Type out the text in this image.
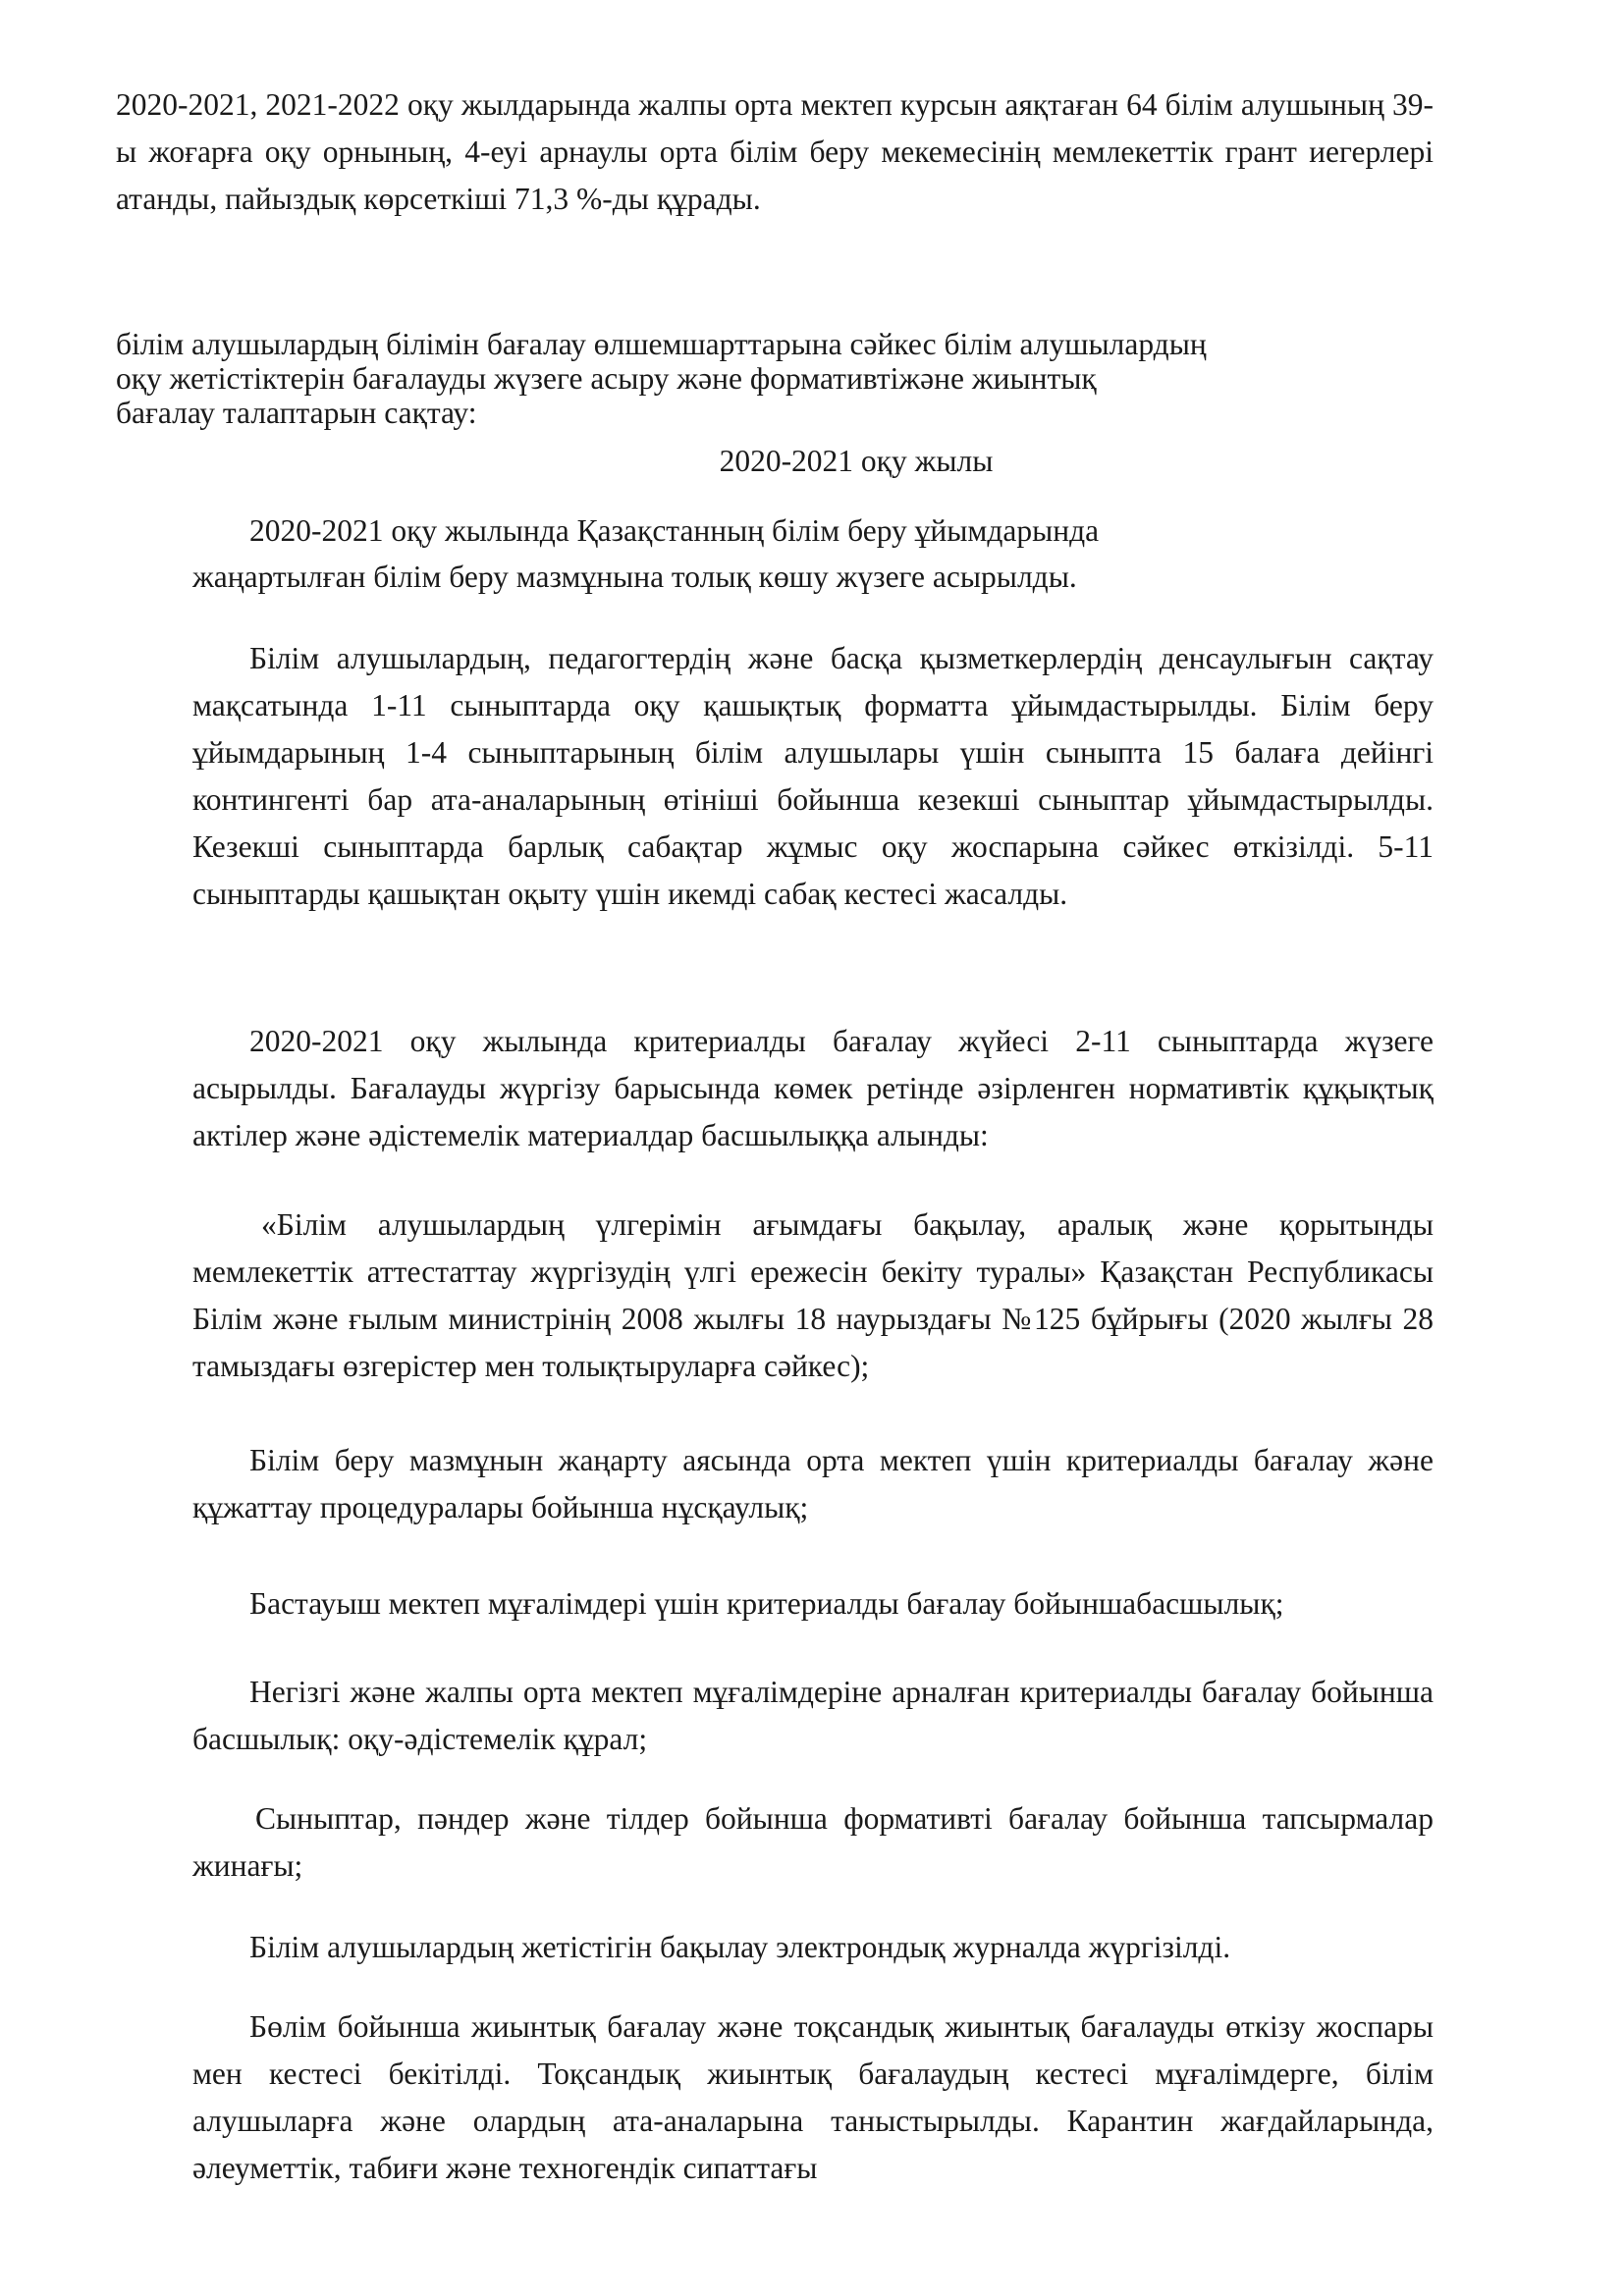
2020-2021, 2021-2022 оқу жылдарында жалпы орта мектеп курсын аяқтаған 64 білім алушының 39-ы жоғарға оқу орнының, 4-еуі арнаулы орта білім беру мекемесінің мемлекеттік грант иегерлері атанды, пайыздық көрсеткіші 71,3 %-ды құрады.

білім алушылардың білімін бағалау өлшемшарттарына сәйкес білім алушылардың

оқу жетістіктерін бағалауды жүзеге асыру және формативтіжәне жиынтық

бағалау талаптарын сақтау:

2020-2021 оқу жылы

2020-2021 оқу жылында Қазақстанның білім беру ұйымдарында

жаңартылған білім беру мазмұнына толық көшу жүзеге асырылды.

Білім алушылардың, педагогтердің және басқа қызметкерлердің денсаулығын сақтау мақсатында 1-11 сыныптарда оқу қашықтық форматта ұйымдастырылды. Білім беру ұйымдарының 1-4 сыныптарының білім алушылары үшін сыныпта 15 балаға дейінгі контингенті бар ата-аналарының өтініші бойынша кезекші сыныптар ұйымдастырылды. Кезекші сыныптарда барлық сабақтар жұмыс оқу жоспарына сәйкес өткізілді. 5-11 сыныптарды қашықтан оқыту үшін икемді сабақ кестесі жасалды.

2020-2021 оқу жылында критериалды бағалау жүйесі 2-11 сыныптарда жүзеге асырылды. Бағалауды жүргізу барысында көмек ретінде әзірленген нормативтік құқықтық актілер және әдістемелік материалдар басшылыққа алынды:

«Білім алушылардың үлгерімін ағымдағы бақылау, аралық және қорытынды мемлекеттік аттестаттау жүргізудің үлгі ережесін бекіту туралы» Қазақстан Республикасы Білім және ғылым министрінің 2008 жылғы 18 наурыздағы №125 бұйрығы (2020 жылғы 28 тамыздағы өзгерістер мен толықтыруларға сәйкес);

Білім беру мазмұнын жаңарту аясында орта мектеп үшін критериалды бағалау және құжаттау процедуралары бойынша нұсқаулық;

Бастауыш мектеп мұғалімдері үшін критериалды бағалау бойыншабасшылық;

Негізгі және жалпы орта мектеп мұғалімдеріне арналған критериалды бағалау бойынша басшылық: оқу-әдістемелік құрал;

Сыныптар, пәндер және тілдер бойынша формативті бағалау бойынша тапсырмалар жинағы;

Білім алушылардың жетістігін бақылау электрондық журналда жүргізілді.

Бөлім бойынша жиынтық бағалау және тоқсандық жиынтық бағалауды өткізу жоспары мен кестесі бекітілді. Тоқсандық жиынтық бағалаудың кестесі мұғалімдерге, білім алушыларға және олардың ата-аналарына таныстырылды. Карантин жағдайларында, әлеуметтік, табиғи және техногендік сипаттағы
